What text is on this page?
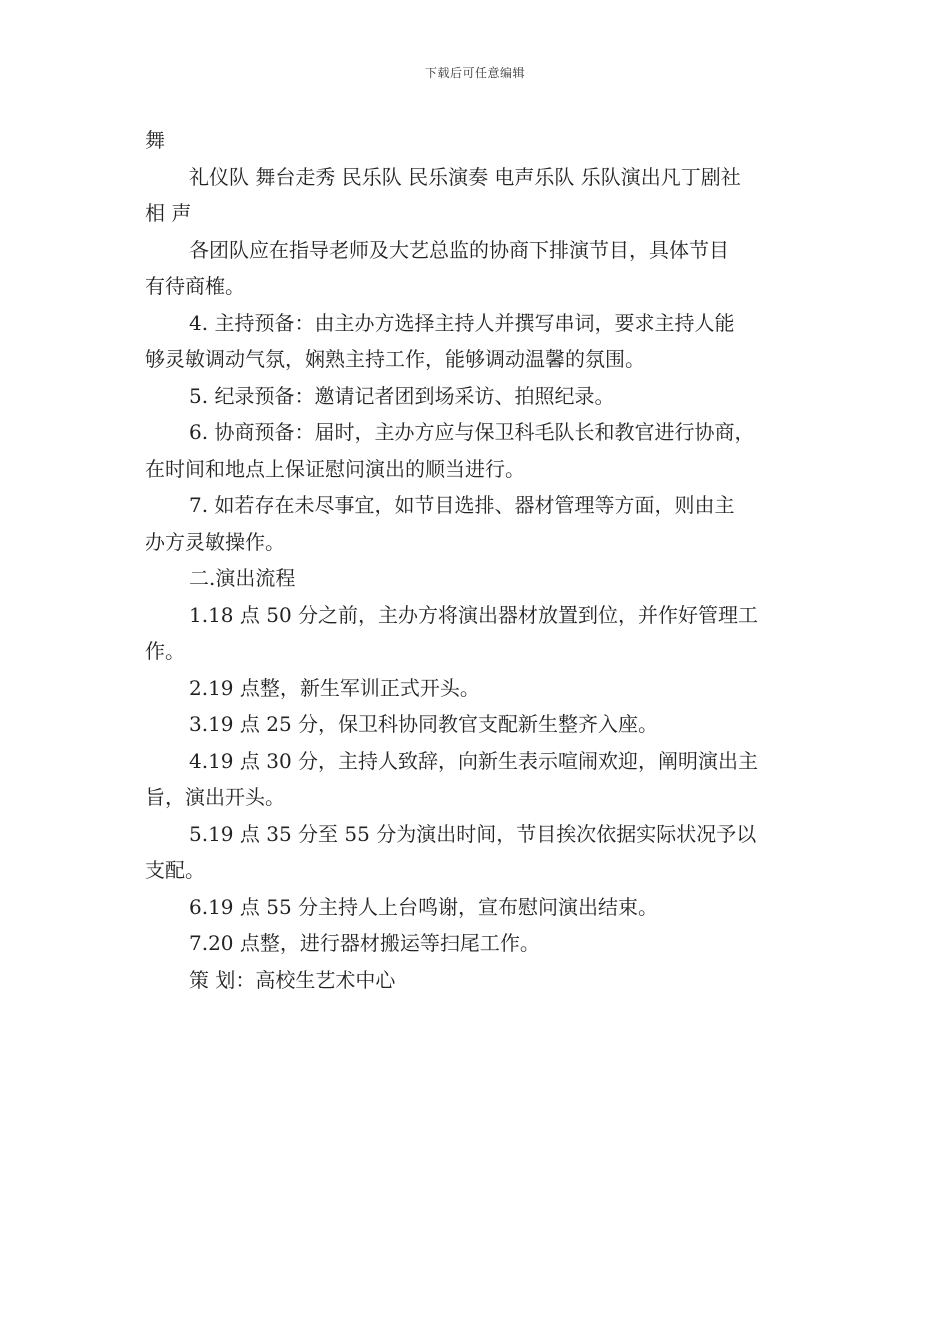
下载后可任意编辑
舞
礼仪队 舞台走秀 民乐队 民乐演奏 电声乐队 乐队演出凡丁剧社
相 声
各团队应在指导老师及大艺总监的协商下排演节目，具体节目
有待商榷。
4. 主持预备：由主办方选择主持人并撰写串词，要求主持人能
够灵敏调动气氛，娴熟主持工作，能够调动温馨的氛围。
5. 纪录预备：邀请记者团到场采访、拍照纪录。
6. 协商预备：届时，主办方应与保卫科毛队长和教官进行协商，
在时间和地点上保证慰问演出的顺当进行。
7. 如若存在未尽事宜，如节目选排、器材管理等方面，则由主
办方灵敏操作。
二.演出流程
1.18 点 50 分之前，主办方将演出器材放置到位，并作好管理工
作。
2.19 点整，新生军训正式开头。
3.19 点 25 分，保卫科协同教官支配新生整齐入座。
4.19 点 30 分，主持人致辞，向新生表示喧闹欢迎，阐明演出主
旨，演出开头。
5.19 点 35 分至 55 分为演出时间，节目挨次依据实际状况予以
支配。
6.19 点 55 分主持人上台鸣谢，宣布慰问演出结束。
7.20 点整，进行器材搬运等扫尾工作。
策 划：高校生艺术中心
